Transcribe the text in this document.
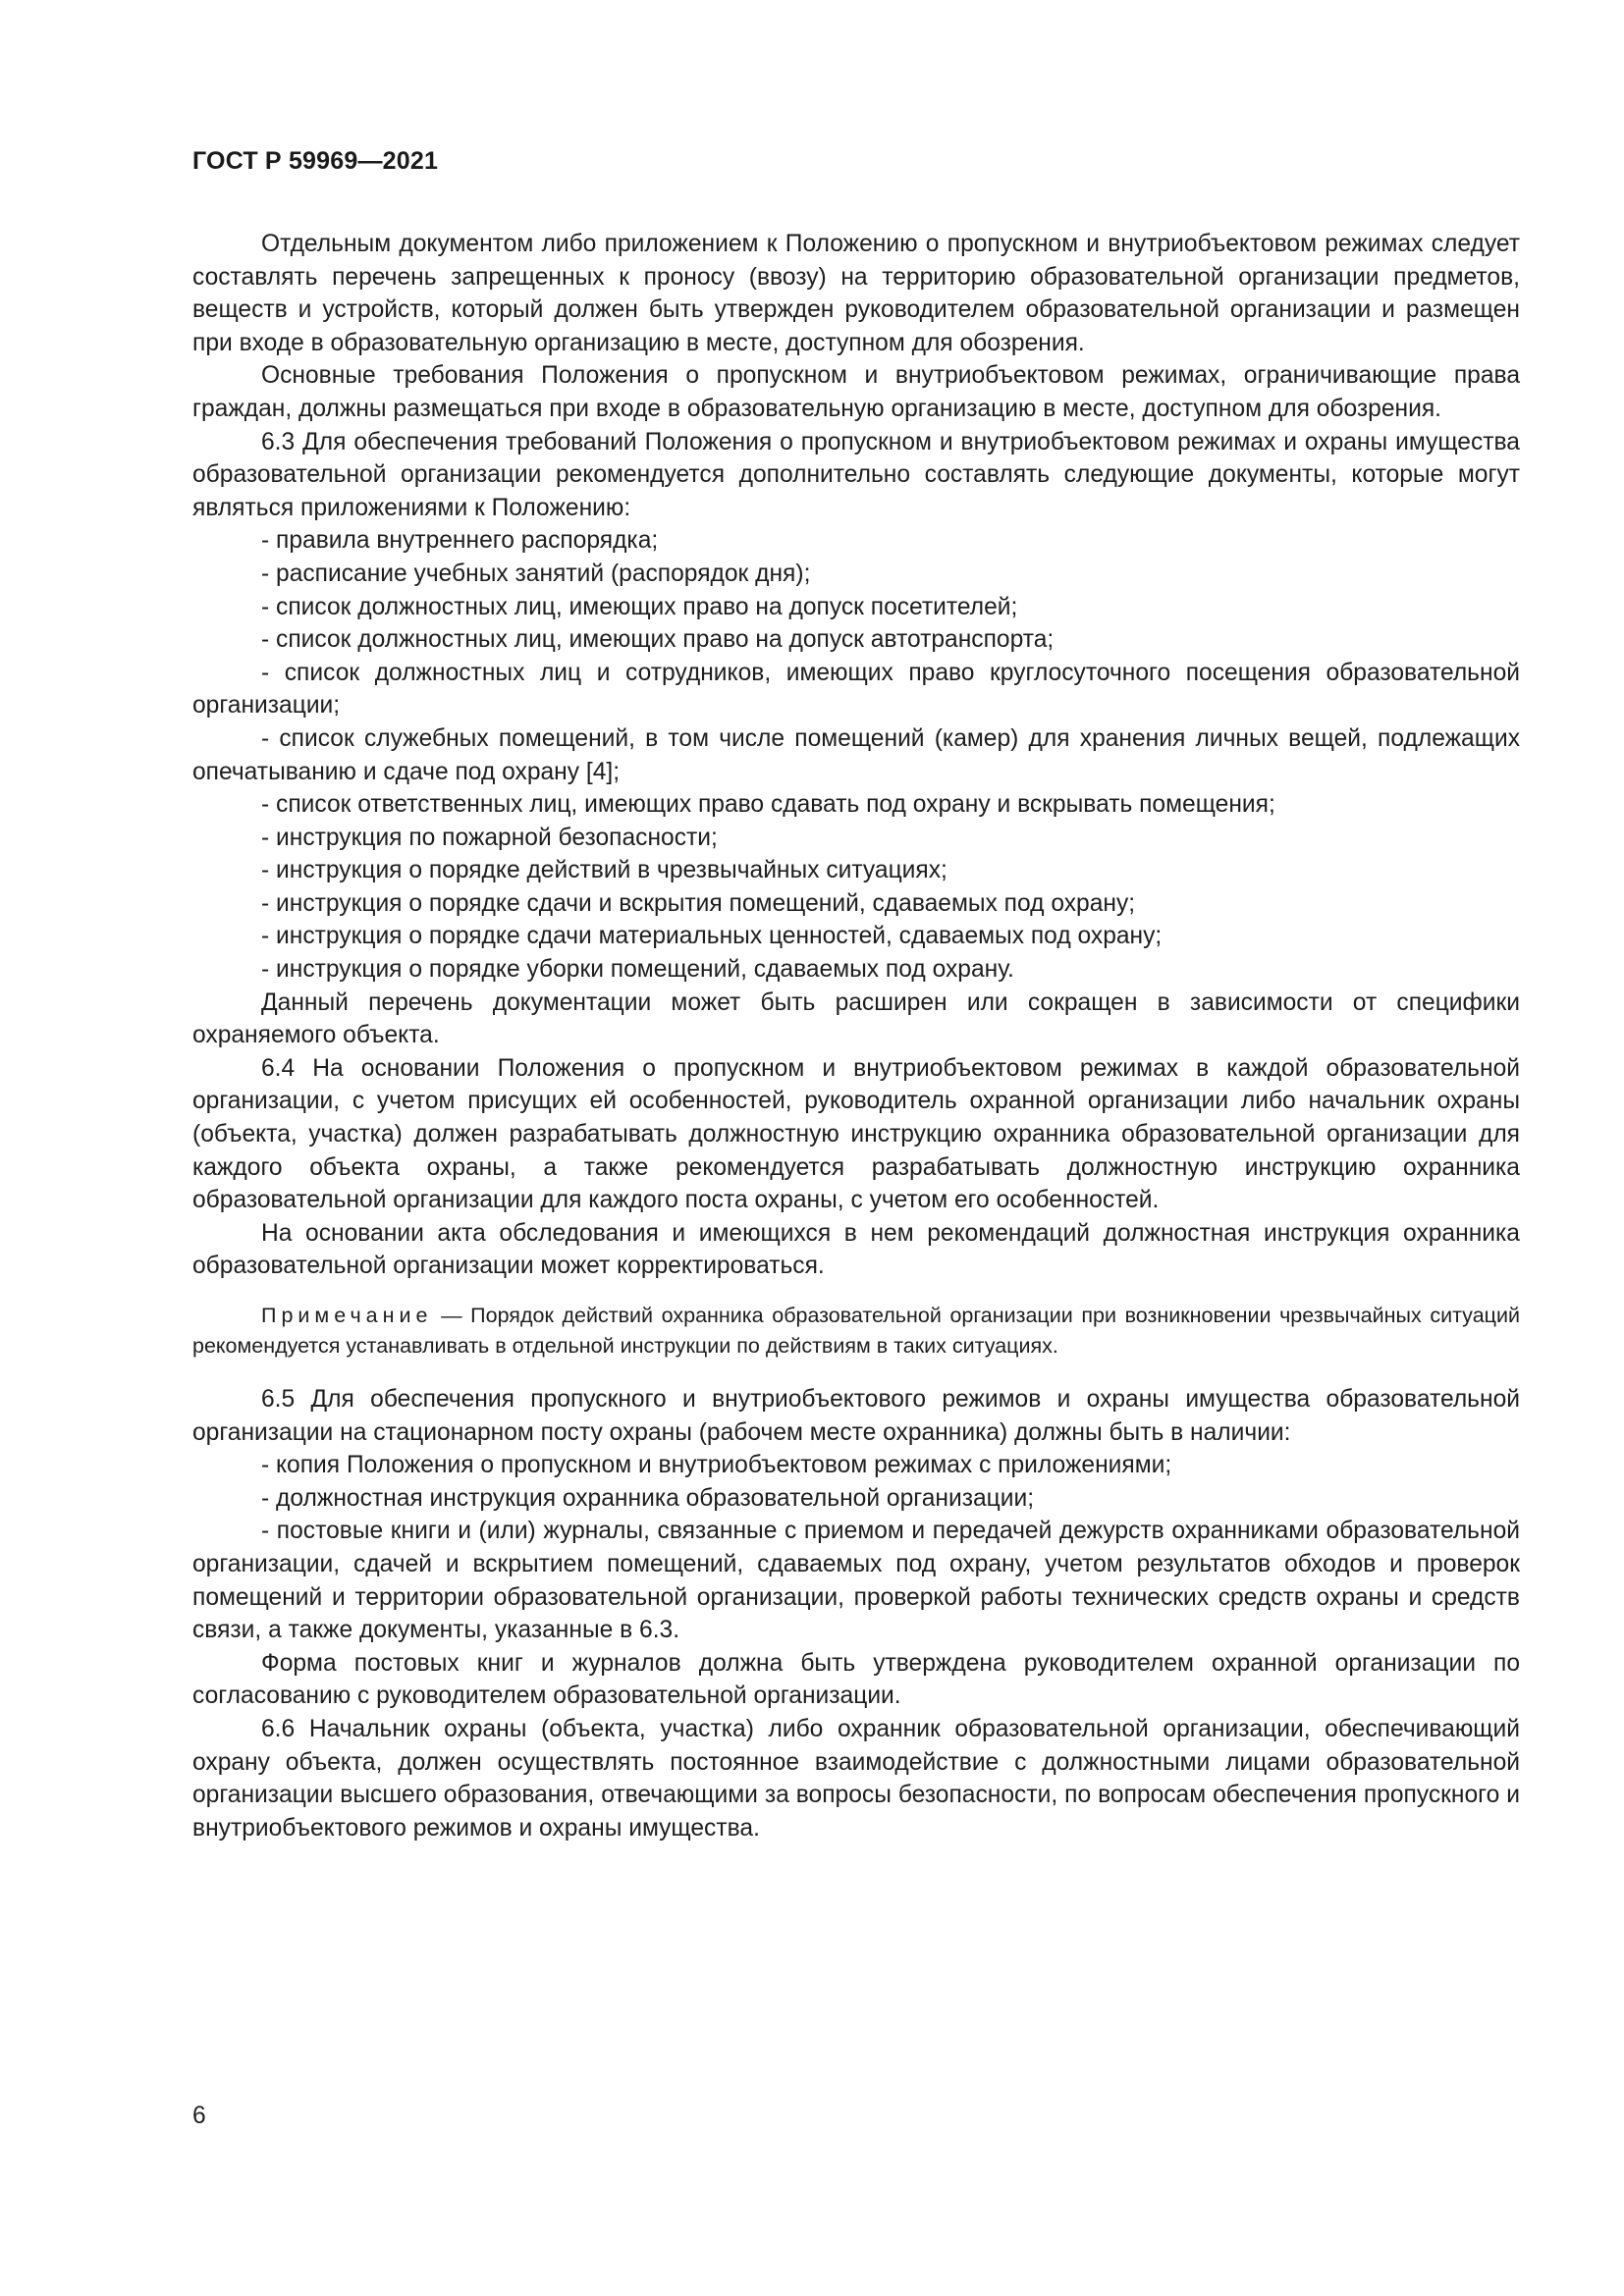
ГОСТ Р 59969—2021

Отдельным документом либо приложением к Положению о пропускном и внутриобъектовом режимах следует составлять перечень запрещенных к проносу (ввозу) на территорию образовательной организации предметов, веществ и устройств, который должен быть утвержден руководителем образовательной организации и размещен при входе в образовательную организацию в месте, доступном для обозрения.

Основные требования Положения о пропускном и внутриобъектовом режимах, ограничивающие права граждан, должны размещаться при входе в образовательную организацию в месте, доступном для обозрения.

6.3 Для обеспечения требований Положения о пропускном и внутриобъектовом режимах и охраны имущества образовательной организации рекомендуется дополнительно составлять следующие документы, которые могут являться приложениями к Положению:

- правила внутреннего распорядка;

- расписание учебных занятий (распорядок дня);

- список должностных лиц, имеющих право на допуск посетителей;

- список должностных лиц, имеющих право на допуск автотранспорта;

- список должностных лиц и сотрудников, имеющих право круглосуточного посещения образовательной организации;

- список служебных помещений, в том числе помещений (камер) для хранения личных вещей, подлежащих опечатыванию и сдаче под охрану [4];

- список ответственных лиц, имеющих право сдавать под охрану и вскрывать помещения;

- инструкция по пожарной безопасности;

- инструкция о порядке действий в чрезвычайных ситуациях;

- инструкция о порядке сдачи и вскрытия помещений, сдаваемых под охрану;

- инструкция о порядке сдачи материальных ценностей, сдаваемых под охрану;

- инструкция о порядке уборки помещений, сдаваемых под охрану.

Данный перечень документации может быть расширен или сокращен в зависимости от специфики охраняемого объекта.

6.4 На основании Положения о пропускном и внутриобъектовом режимах в каждой образовательной организации, с учетом присущих ей особенностей, руководитель охранной организации либо начальник охраны (объекта, участка) должен разрабатывать должностную инструкцию охранника образовательной организации для каждого объекта охраны, а также рекомендуется разрабатывать должностную инструкцию охранника образовательной организации для каждого поста охраны, с учетом его особенностей.

На основании акта обследования и имеющихся в нем рекомендаций должностная инструкция охранника образовательной организации может корректироваться.

Примечание — Порядок действий охранника образовательной организации при возникновении чрезвычайных ситуаций рекомендуется устанавливать в отдельной инструкции по действиям в таких ситуациях.

6.5 Для обеспечения пропускного и внутриобъектового режимов и охраны имущества образовательной организации на стационарном посту охраны (рабочем месте охранника) должны быть в наличии:

- копия Положения о пропускном и внутриобъектовом режимах с приложениями;

- должностная инструкция охранника образовательной организации;

- постовые книги и (или) журналы, связанные с приемом и передачей дежурств охранниками образовательной организации, сдачей и вскрытием помещений, сдаваемых под охрану, учетом результатов обходов и проверок помещений и территории образовательной организации, проверкой работы технических средств охраны и средств связи, а также документы, указанные в 6.3.

Форма постовых книг и журналов должна быть утверждена руководителем охранной организации по согласованию с руководителем образовательной организации.

6.6 Начальник охраны (объекта, участка) либо охранник образовательной организации, обеспечивающий охрану объекта, должен осуществлять постоянное взаимодействие с должностными лицами образовательной организации высшего образования, отвечающими за вопросы безопасности, по вопросам обеспечения пропускного и внутриобъектового режимов и охраны имущества.

6
